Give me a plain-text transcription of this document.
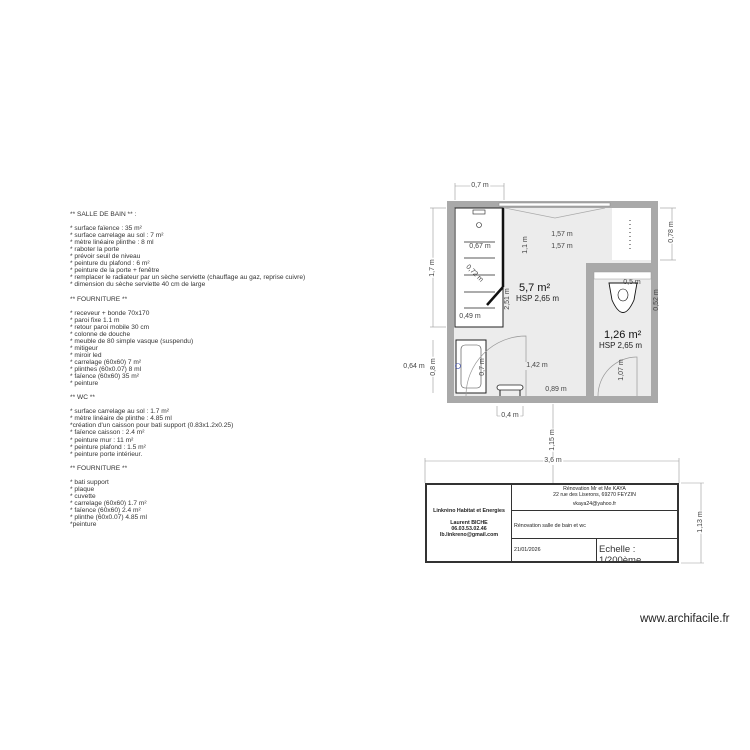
** SALLE DE BAIN ** :
* surface faïence : 35 m²
* surface carrelage au sol : 7 m²
* mètre linéaire plinthe : 8 ml
* raboter la porte
* prévoir seuil de niveau
* peinture du plafond : 6 m²
* peinture de la porte + fenêtre
* remplacer le radiateur par un sèche serviette (chauffage au gaz, reprise cuivre)
* dimension du sèche serviette 40 cm de large
** FOURNITURE **
* receveur + bonde 70x170
* paroi fixe 1.1 m
* retour paroi mobile 30 cm
* colonne de douche
* meuble de 80 simple vasque (suspendu)
* mitigeur
* miroir led
* carrelage (60x60) 7 m²
* plinthes (60x0.07) 8 ml
* faïence (60x60) 35 m²
* peinture
** WC **
* surface carrelage au sol : 1.7 m²
* mètre linéaire de plinthe : 4.85 ml
*création d'un caisson pour bati support (0.83x1.2x0.25)
* faïence caisson : 2.4 m²
* peinture mur : 11 m²
* peinture plafond : 1.5 m²
* peinture porte intérieur.
** FOURNITURE **
* bati support
* plaque
* cuvette
* carrelage (60x60) 1.7 m²
* faïence (60x60) 2.4 m²
* plinthe (60x0.07) 4.85 ml
*peinture
0,7 m
1,7 m
0,78 m
0,52 m
1,57 m
1,57 m
0,67 m	1,1 m
0,72 m
2,51 m
0,49 m
0,5 m
1,07 m
0,64 m 0,8 m	0,7 m	1,42 m
0,89 m
0,4 m
1,15 m
3,6 m
1,13 m
5,7 m²
HSP 2,65 m
1,26 m²
HSP 2,65 m
Linkréno Habitat et Energies
Laurent BICHE
06.03.53.02.46
lb.linkreno@gmail.com
Rénovation Mr et Me KAYA
22 rue des Liserons, 69270 FEYZIN
vkaya24@yahoo.fr
Rénovation salle de bain et wc
21/01/2026	Echelle : 1/200ème
www.archifacile.fr
